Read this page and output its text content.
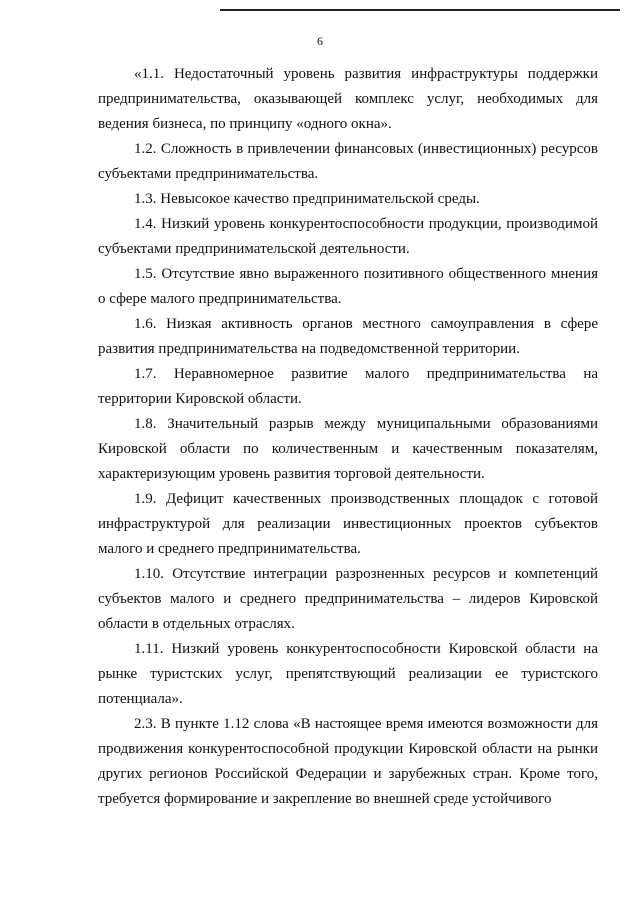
6

«1.1. Недостаточный уровень развития инфраструктуры поддержки предпринимательства, оказывающей комплекс услуг, необходимых для ведения бизнеса, по принципу «одного окна».

1.2. Сложность в привлечении финансовых (инвестиционных) ресурсов субъектами предпринимательства.

1.3. Невысокое качество предпринимательской среды.

1.4. Низкий уровень конкурентоспособности продукции, производимой субъектами предпринимательской деятельности.

1.5. Отсутствие явно выраженного позитивного общественного мнения о сфере малого предпринимательства.

1.6. Низкая активность органов местного самоуправления в сфере развития предпринимательства на подведомственной территории.

1.7. Неравномерное развитие малого предпринимательства на территории Кировской области.

1.8. Значительный разрыв между муниципальными образованиями Кировской области по количественным и качественным показателям, характеризующим уровень развития торговой деятельности.

1.9. Дефицит качественных производственных площадок с готовой инфраструктурой для реализации инвестиционных проектов субъектов малого и среднего предпринимательства.

1.10. Отсутствие интеграции разрозненных ресурсов и компетенций субъектов малого и среднего предпринимательства – лидеров Кировской области в отдельных отраслях.

1.11. Низкий уровень конкурентоспособности Кировской области на рынке туристских услуг, препятствующий реализации ее туристского потенциала».

2.3. В пункте 1.12 слова «В настоящее время имеются возможности для продвижения конкурентоспособной продукции Кировской области на рынки других регионов Российской Федерации и зарубежных стран. Кроме того, требуется формирование и закрепление во внешней среде устойчивого
